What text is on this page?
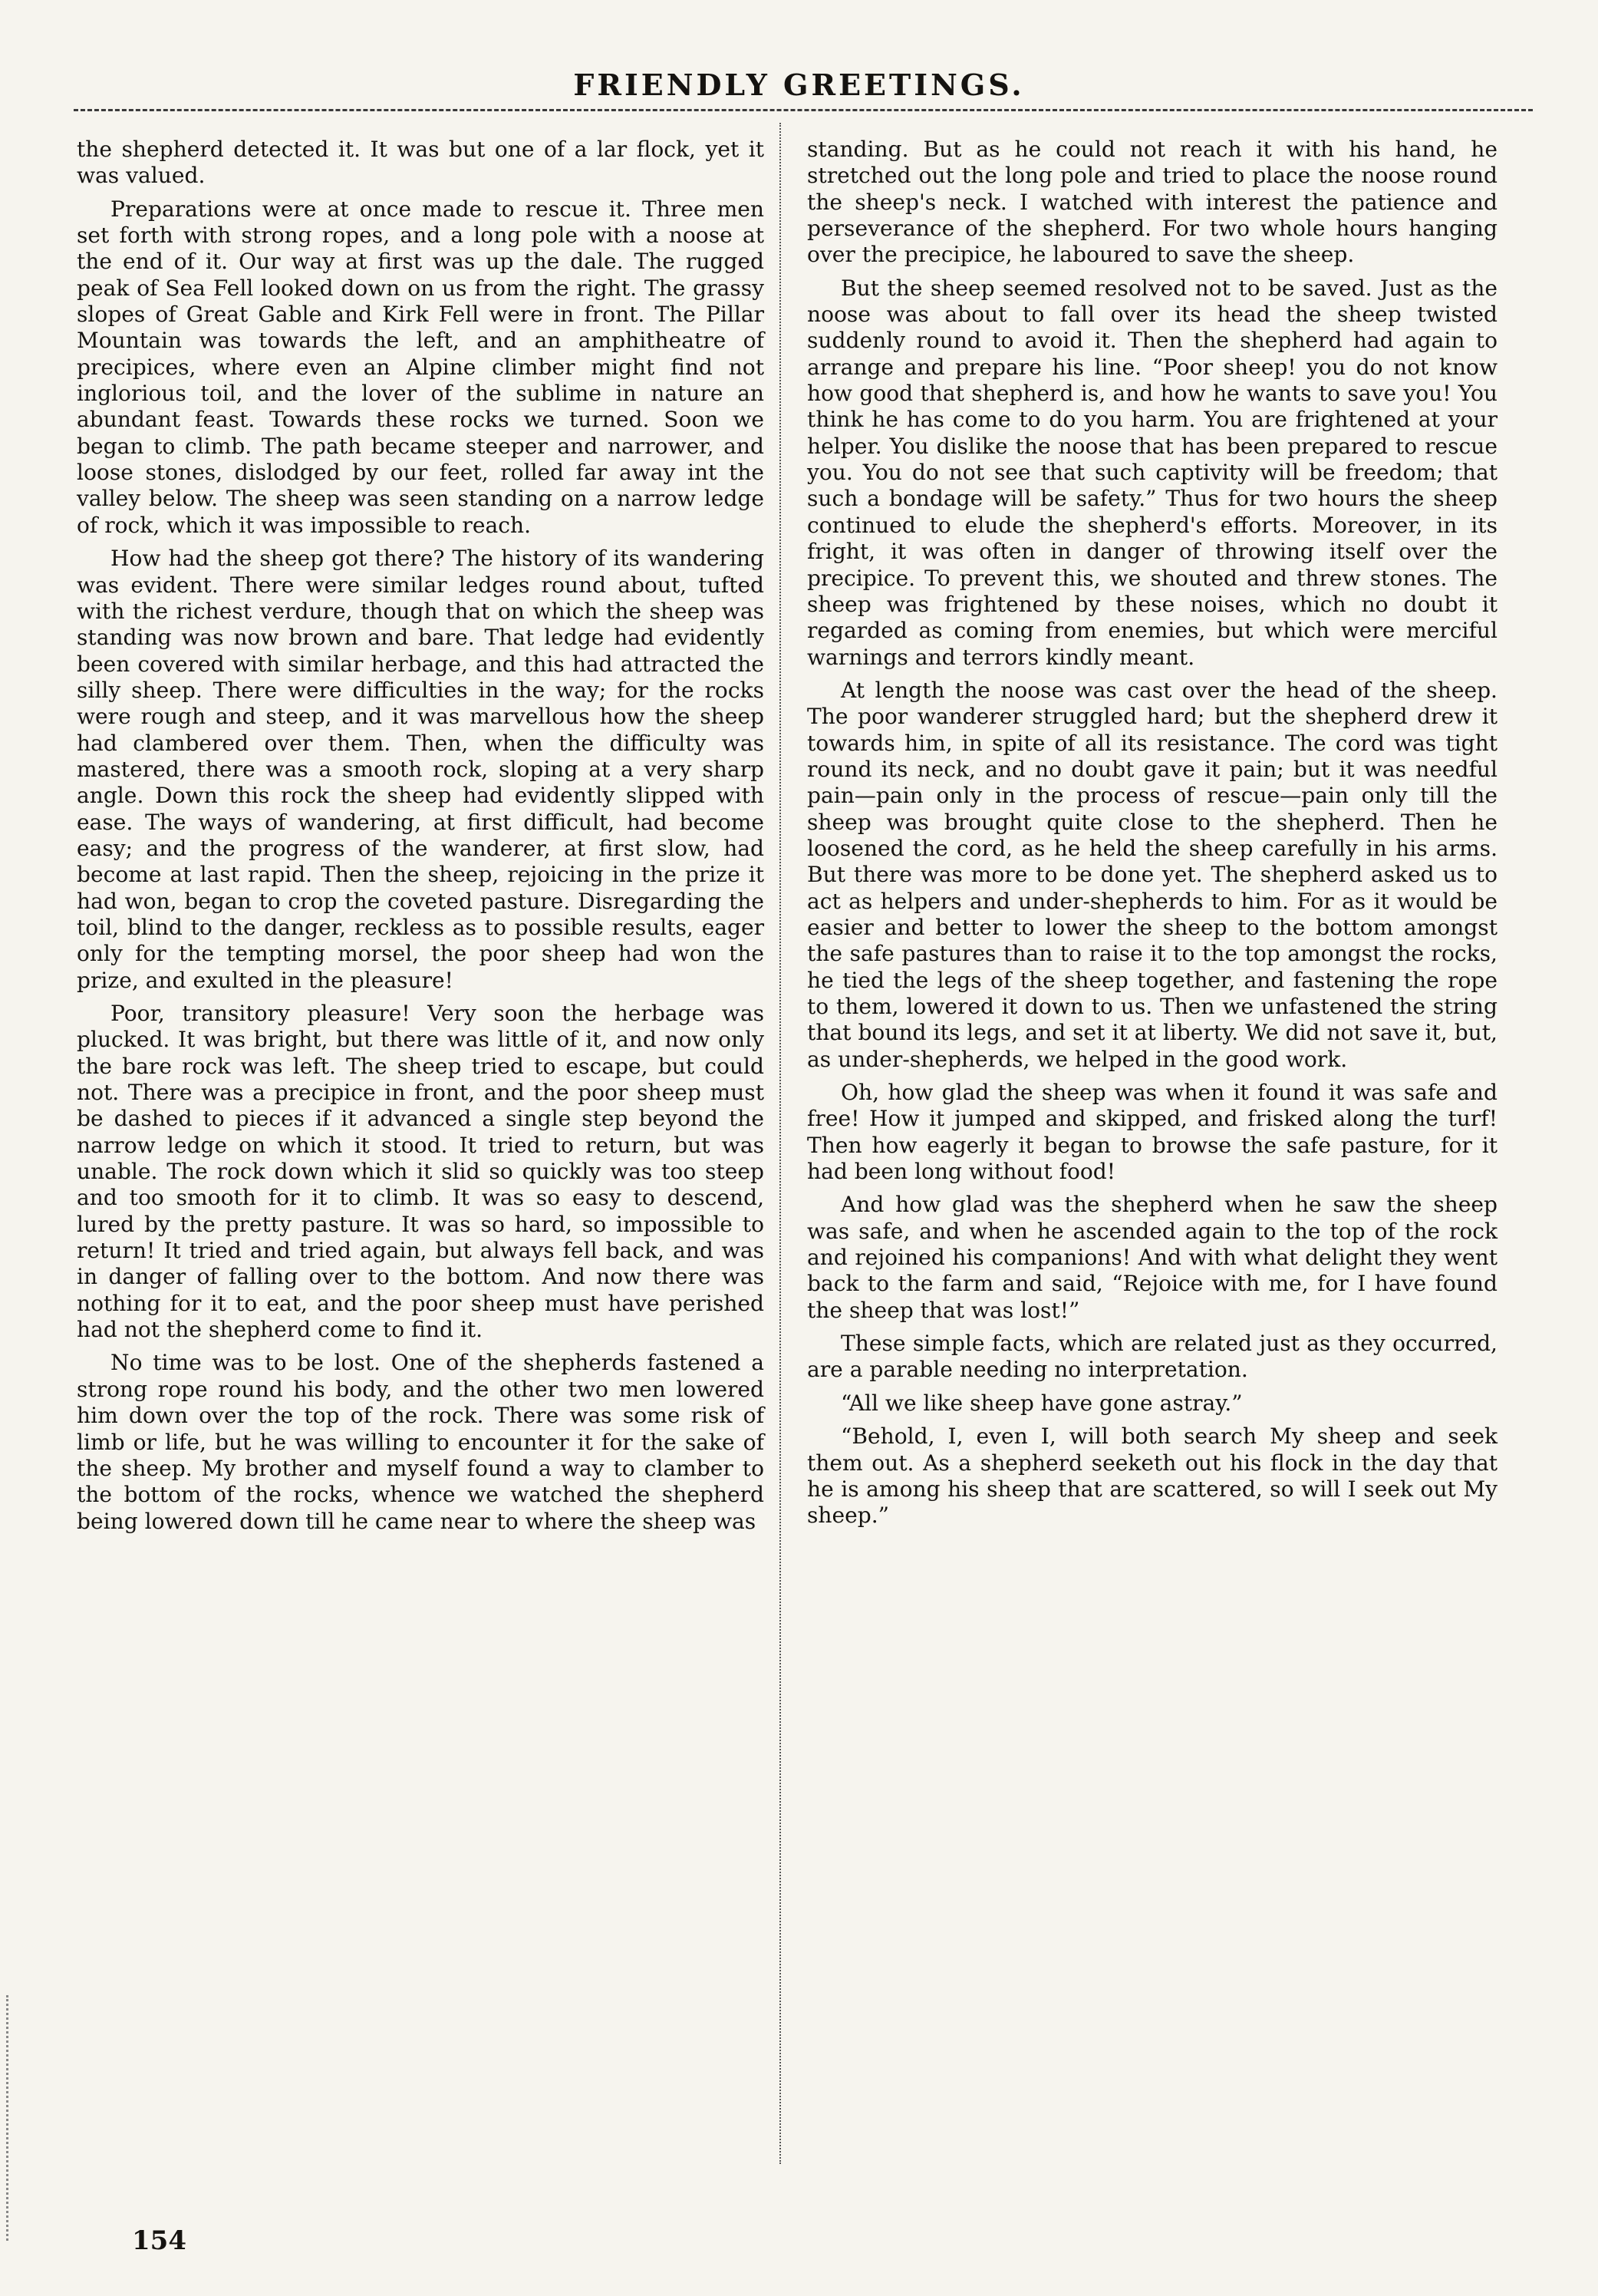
FRIENDLY GREETINGS.

the shepherd detected it. It was but one of a lar flock, yet it was valued.

Preparations were at once made to rescue it. Three men set forth with strong ropes, and a long pole with a noose at the end of it. Our way at first was up the dale. The rugged peak of Sea Fell looked down on us from the right. The grassy slopes of Great Gable and Kirk Fell were in front. The Pillar Mountain was towards the left, and an amphitheatre of precipices, where even an Alpine climber might find not inglorious toil, and the lover of the sublime in nature an abundant feast. Towards these rocks we turned. Soon we began to climb. The path became steeper and narrower, and loose stones, dislodged by our feet, rolled far away int the valley below. The sheep was seen standing on a narrow ledge of rock, which it was impossible to reach.

How had the sheep got there? The history of its wandering was evident. There were similar ledges round about, tufted with the richest verdure, though that on which the sheep was standing was now brown and bare. That ledge had evidently been covered with similar herbage, and this had attracted the silly sheep. There were difficulties in the way; for the rocks were rough and steep, and it was marvellous how the sheep had clambered over them. Then, when the difficulty was mastered, there was a smooth rock, sloping at a very sharp angle. Down this rock the sheep had evidently slipped with ease. The ways of wandering, at first difficult, had become easy; and the progress of the wanderer, at first slow, had become at last rapid. Then the sheep, rejoicing in the prize it had won, began to crop the coveted pasture. Disregarding the toil, blind to the danger, reckless as to possible results, eager only for the tempting morsel, the poor sheep had won the prize, and exulted in the pleasure!

Poor, transitory pleasure! Very soon the herbage was plucked. It was bright, but there was little of it, and now only the bare rock was left. The sheep tried to escape, but could not. There was a precipice in front, and the poor sheep must be dashed to pieces if it advanced a single step beyond the narrow ledge on which it stood. It tried to return, but was unable. The rock down which it slid so quickly was too steep and too smooth for it to climb. It was so easy to descend, lured by the pretty pasture. It was so hard, so impossible to return! It tried and tried again, but always fell back, and was in danger of falling over to the bottom. And now there was nothing for it to eat, and the poor sheep must have perished had not the shepherd come to find it.

No time was to be lost. One of the shepherds fastened a strong rope round his body, and the other two men lowered him down over the top of the rock. There was some risk of limb or life, but he was willing to encounter it for the sake of the sheep. My brother and myself found a way to clamber to the bottom of the rocks, whence we watched the shepherd being lowered down till he came near to where the sheep was

standing. But as he could not reach it with his hand, he stretched out the long pole and tried to place the noose round the sheep's neck. I watched with interest the patience and perseverance of the shepherd. For two whole hours hanging over the precipice, he laboured to save the sheep.

But the sheep seemed resolved not to be saved. Just as the noose was about to fall over its head the sheep twisted suddenly round to avoid it. Then the shepherd had again to arrange and prepare his line. “Poor sheep! you do not know how good that shepherd is, and how he wants to save you! You think he has come to do you harm. You are frightened at your helper. You dislike the noose that has been prepared to rescue you. You do not see that such captivity will be freedom; that such a bondage will be safety.” Thus for two hours the sheep continued to elude the shepherd's efforts. Moreover, in its fright, it was often in danger of throwing itself over the precipice. To prevent this, we shouted and threw stones. The sheep was frightened by these noises, which no doubt it regarded as coming from enemies, but which were merciful warnings and terrors kindly meant.

At length the noose was cast over the head of the sheep. The poor wanderer struggled hard; but the shepherd drew it towards him, in spite of all its resistance. The cord was tight round its neck, and no doubt gave it pain; but it was needful pain—pain only in the process of rescue—pain only till the sheep was brought quite close to the shepherd. Then he loosened the cord, as he held the sheep carefully in his arms. But there was more to be done yet. The shepherd asked us to act as helpers and under-shepherds to him. For as it would be easier and better to lower the sheep to the bottom amongst the safe pastures than to raise it to the top amongst the rocks, he tied the legs of the sheep together, and fastening the rope to them, lowered it down to us. Then we unfastened the string that bound its legs, and set it at liberty. We did not save it, but, as under-shepherds, we helped in the good work.

Oh, how glad the sheep was when it found it was safe and free! How it jumped and skipped, and frisked along the turf! Then how eagerly it began to browse the safe pasture, for it had been long without food!

And how glad was the shepherd when he saw the sheep was safe, and when he ascended again to the top of the rock and rejoined his companions! And with what delight they went back to the farm and said, “Rejoice with me, for I have found the sheep that was lost!”

These simple facts, which are related just as they occurred, are a parable needing no interpretation.

“All we like sheep have gone astray.”

“Behold, I, even I, will both search My sheep and seek them out. As a shepherd seeketh out his flock in the day that he is among his sheep that are scattered, so will I seek out My sheep.”

154
